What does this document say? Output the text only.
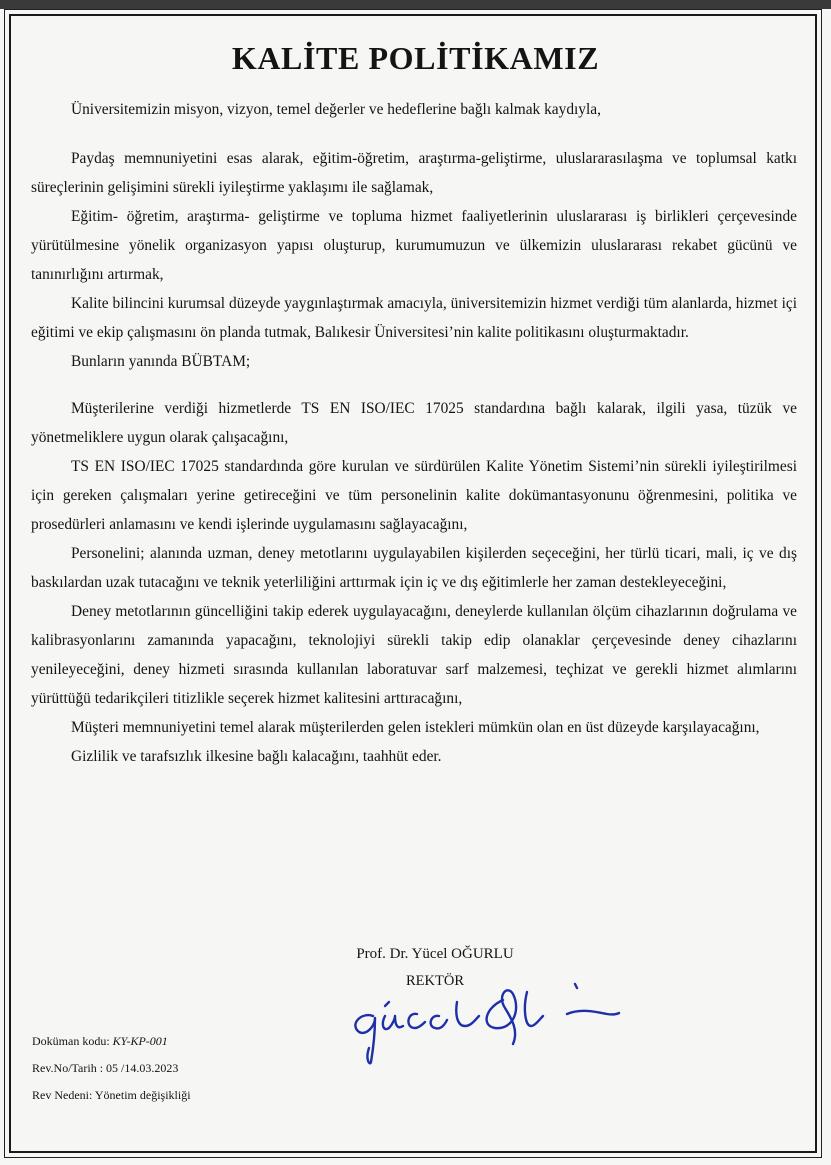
KALİTE POLİTİKAMIZ

Üniversitemizin misyon, vizyon, temel değerler ve hedeflerine bağlı kalmak kaydıyla,

Paydaş memnuniyetini esas alarak, eğitim-öğretim, araştırma-geliştirme, uluslararasılaşma ve toplumsal katkı süreçlerinin gelişimini sürekli iyileştirme yaklaşımı ile sağlamak,

Eğitim- öğretim, araştırma- geliştirme ve topluma hizmet faaliyetlerinin uluslararası iş birlikleri çerçevesinde yürütülmesine yönelik organizasyon yapısı oluşturup, kurumumuzun ve ülkemizin uluslararası rekabet gücünü ve tanınırlığını artırmak,

Kalite bilincini kurumsal düzeyde yaygınlaştırmak amacıyla, üniversitemizin hizmet verdiği tüm alanlarda, hizmet içi eğitimi ve ekip çalışmasını ön planda tutmak, Balıkesir Üniversitesi’nin kalite politikasını oluşturmaktadır.

Bunların yanında BÜBTAM;

Müşterilerine verdiği hizmetlerde TS EN ISO/IEC 17025 standardına bağlı kalarak, ilgili yasa, tüzük ve yönetmeliklere uygun olarak çalışacağını,

TS EN ISO/IEC 17025 standardında göre kurulan ve sürdürülen Kalite Yönetim Sistemi’nin sürekli iyileştirilmesi için gereken çalışmaları yerine getireceğini ve tüm personelinin kalite dokümantasyonunu öğrenmesini, politika ve prosedürleri anlamasını ve kendi işlerinde uygulamasını sağlayacağını,

Personelini; alanında uzman, deney metotlarını uygulayabilen kişilerden seçeceğini, her türlü ticari, mali, iç ve dış baskılardan uzak tutacağını ve teknik yeterliliğini arttırmak için iç ve dış eğitimlerle her zaman destekleyeceğini,

Deney metotlarının güncelliğini takip ederek uygulayacağını, deneylerde kullanılan ölçüm cihazlarının doğrulama ve kalibrasyonlarını zamanında yapacağını, teknolojiyi sürekli takip edip olanaklar çerçevesinde deney cihazlarını yenileyeceğini, deney hizmeti sırasında kullanılan laboratuvar sarf malzemesi, teçhizat ve gerekli hizmet alımlarını yürüttüğü tedarikçileri titizlikle seçerek hizmet kalitesini arttıracağını,

Müşteri memnuniyetini temel alarak müşterilerden gelen istekleri mümkün olan en üst düzeyde karşılayacağını,

Gizlilik ve tarafsızlık ilkesine bağlı kalacağını, taahhüt eder.

Prof. Dr. Yücel OĞURLU
REKTÖR
Doküman kodu: KY-KP-001
Rev.No/Tarih : 05 /14.03.2023
Rev Nedeni: Yönetim değişikliği
